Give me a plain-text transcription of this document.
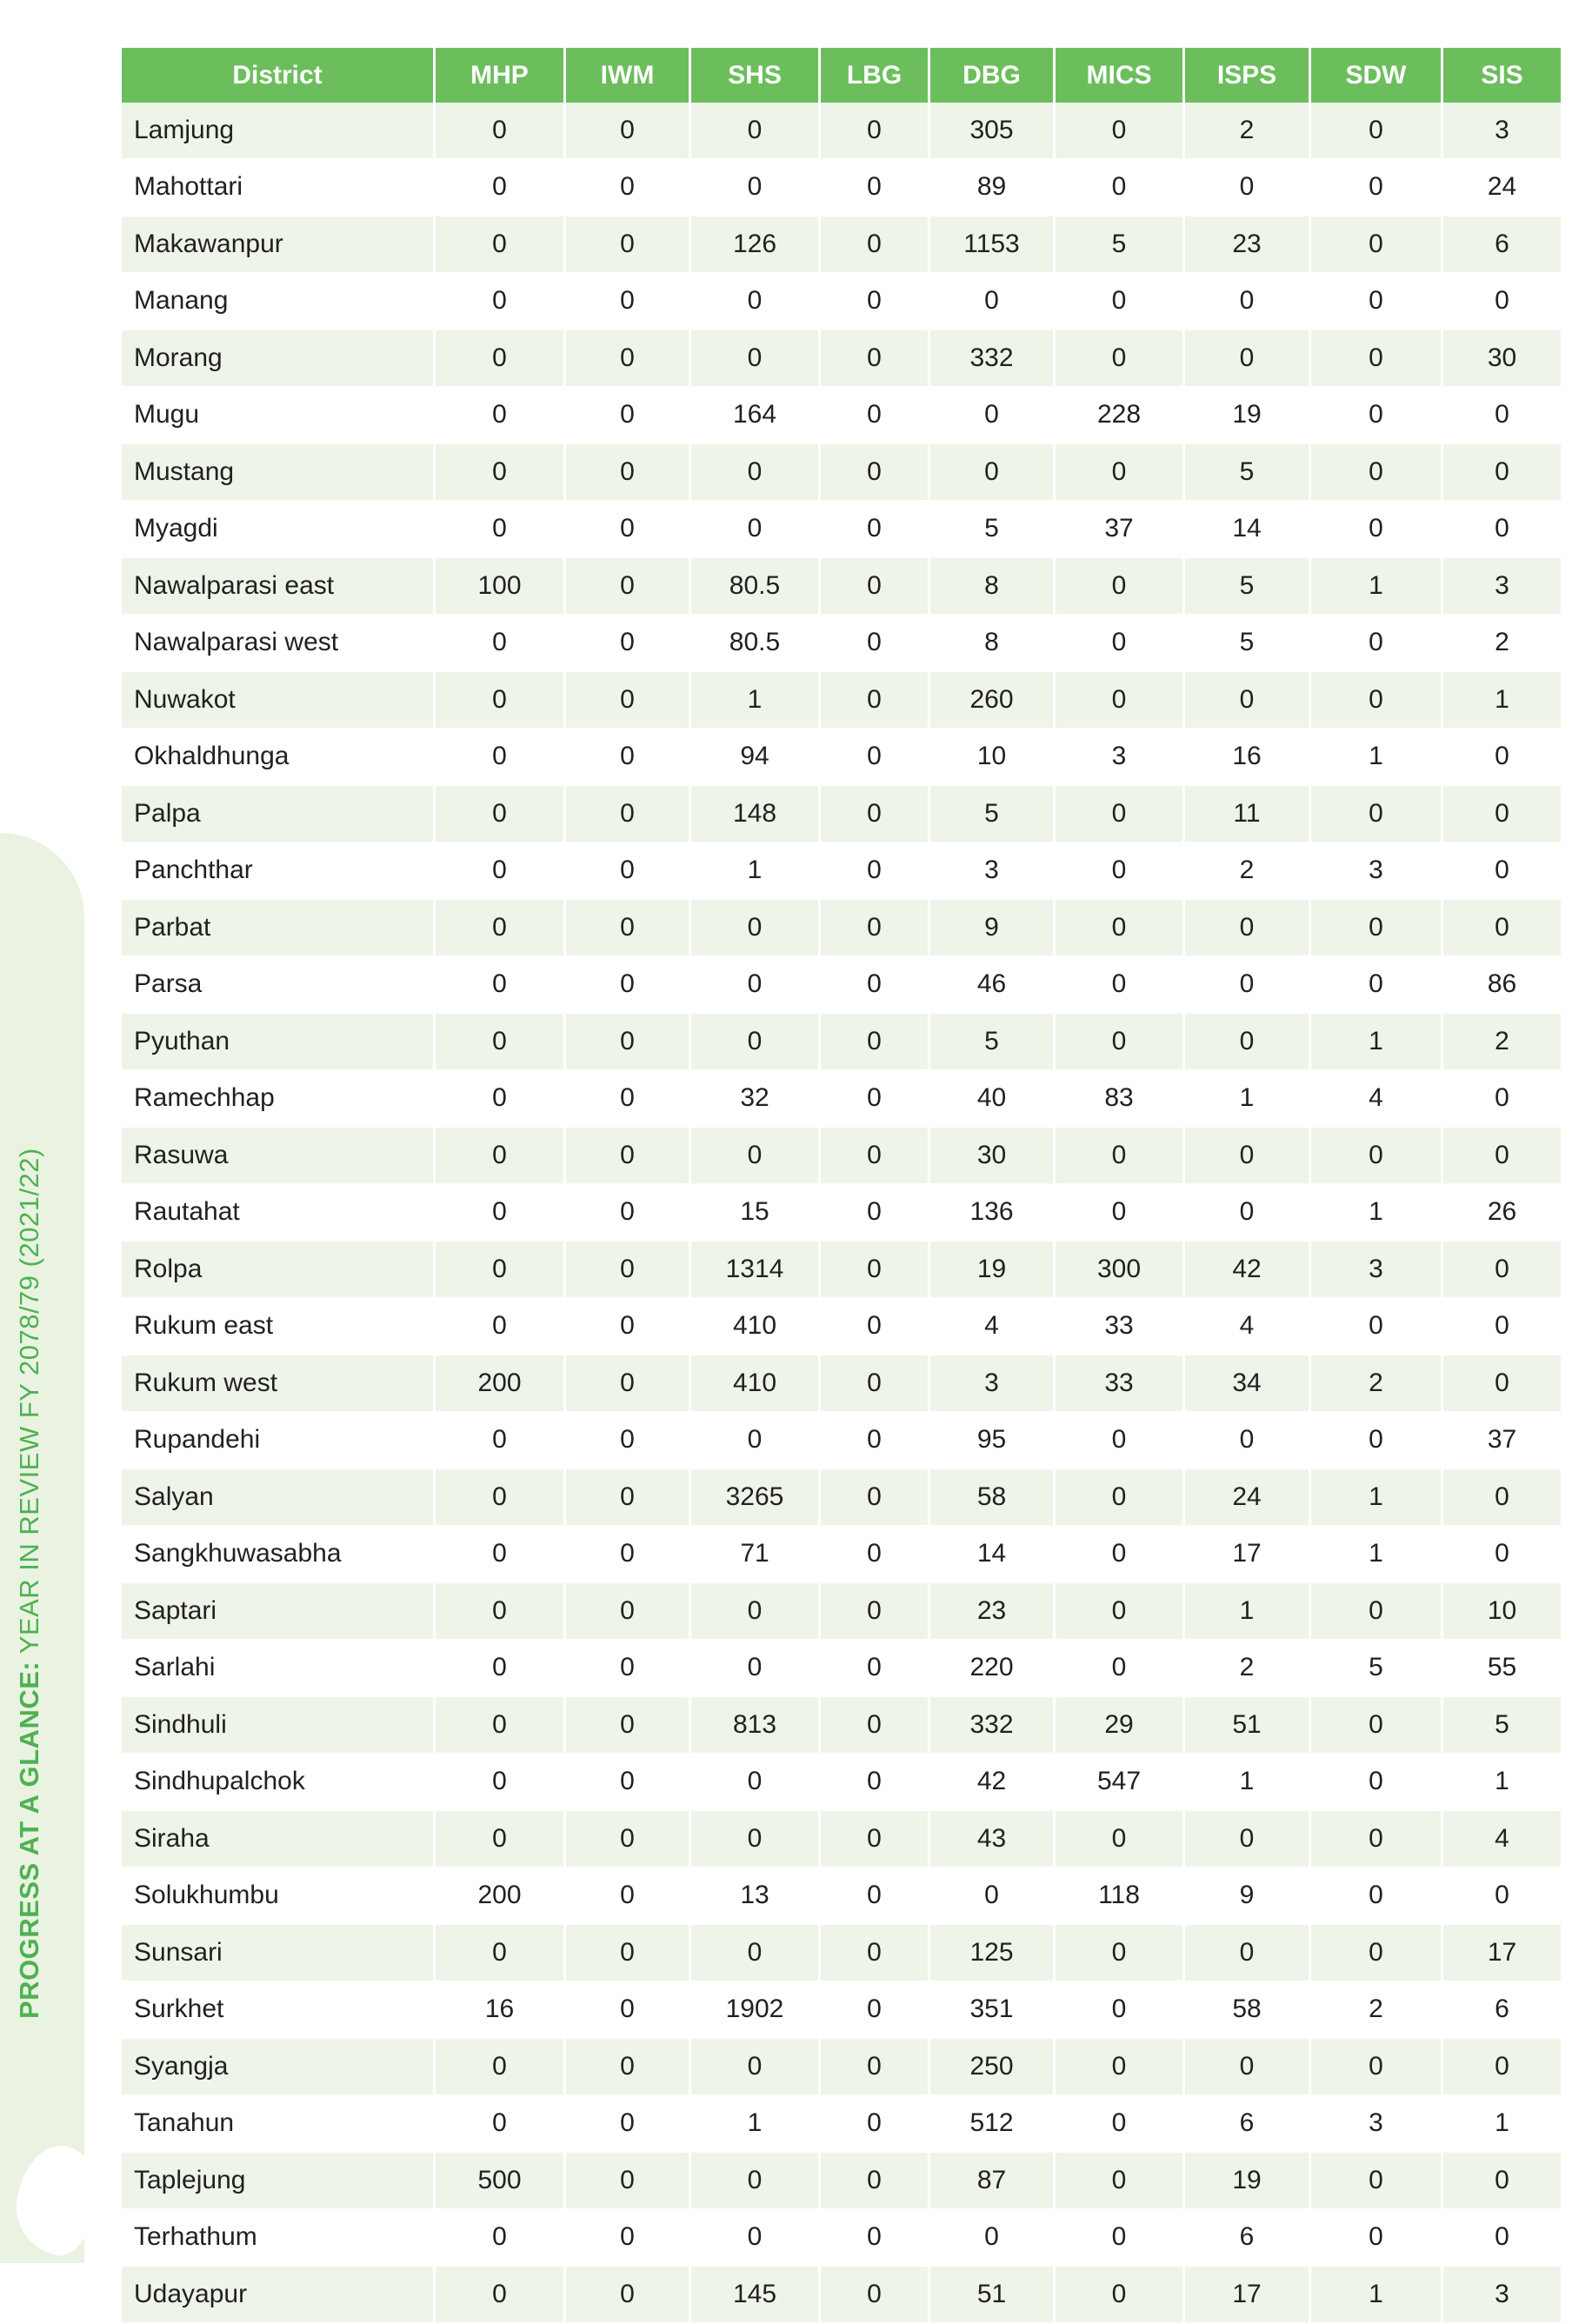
PROGRESS AT A GLANCE: YEAR IN REVIEW FY 2078/79 (2021/22)
District	MHP	IWM	SHS	LBG	DBG	MICS	ISPS	SDW	SIS
Lamjung	0	0	0	0	305	0	2	0	3
Mahottari	0	0	0	0	89	0	0	0	24
Makawanpur	0	0	126	0	1153	5	23	0	6
Manang	0	0	0	0	0	0	0	0	0
Morang	0	0	0	0	332	0	0	0	30
Mugu	0	0	164	0	0	228	19	0	0
Mustang	0	0	0	0	0	0	5	0	0
Myagdi	0	0	0	0	5	37	14	0	0
Nawalparasi east	100	0	80.5	0	8	0	5	1	3
Nawalparasi west	0	0	80.5	0	8	0	5	0	2
Nuwakot	0	0	1	0	260	0	0	0	1
Okhaldhunga	0	0	94	0	10	3	16	1	0
Palpa	0	0	148	0	5	0	11	0	0
Panchthar	0	0	1	0	3	0	2	3	0
Parbat	0	0	0	0	9	0	0	0	0
Parsa	0	0	0	0	46	0	0	0	86
Pyuthan	0	0	0	0	5	0	0	1	2
Ramechhap	0	0	32	0	40	83	1	4	0
Rasuwa	0	0	0	0	30	0	0	0	0
Rautahat	0	0	15	0	136	0	0	1	26
Rolpa	0	0	1314	0	19	300	42	3	0
Rukum east	0	0	410	0	4	33	4	0	0
Rukum west	200	0	410	0	3	33	34	2	0
Rupandehi	0	0	0	0	95	0	0	0	37
Salyan	0	0	3265	0	58	0	24	1	0
Sangkhuwasabha	0	0	71	0	14	0	17	1	0
Saptari	0	0	0	0	23	0	1	0	10
Sarlahi	0	0	0	0	220	0	2	5	55
Sindhuli	0	0	813	0	332	29	51	0	5
Sindhupalchok	0	0	0	0	42	547	1	0	1
Siraha	0	0	0	0	43	0	0	0	4
Solukhumbu	200	0	13	0	0	118	9	0	0
Sunsari	0	0	0	0	125	0	0	0	17
Surkhet	16	0	1902	0	351	0	58	2	6
Syangja	0	0	0	0	250	0	0	0	0
Tanahun	0	0	1	0	512	0	6	3	1
Taplejung	500	0	0	0	87	0	19	0	0
Terhathum	0	0	0	0	0	0	6	0	0
Udayapur	0	0	145	0	51	0	17	1	3
